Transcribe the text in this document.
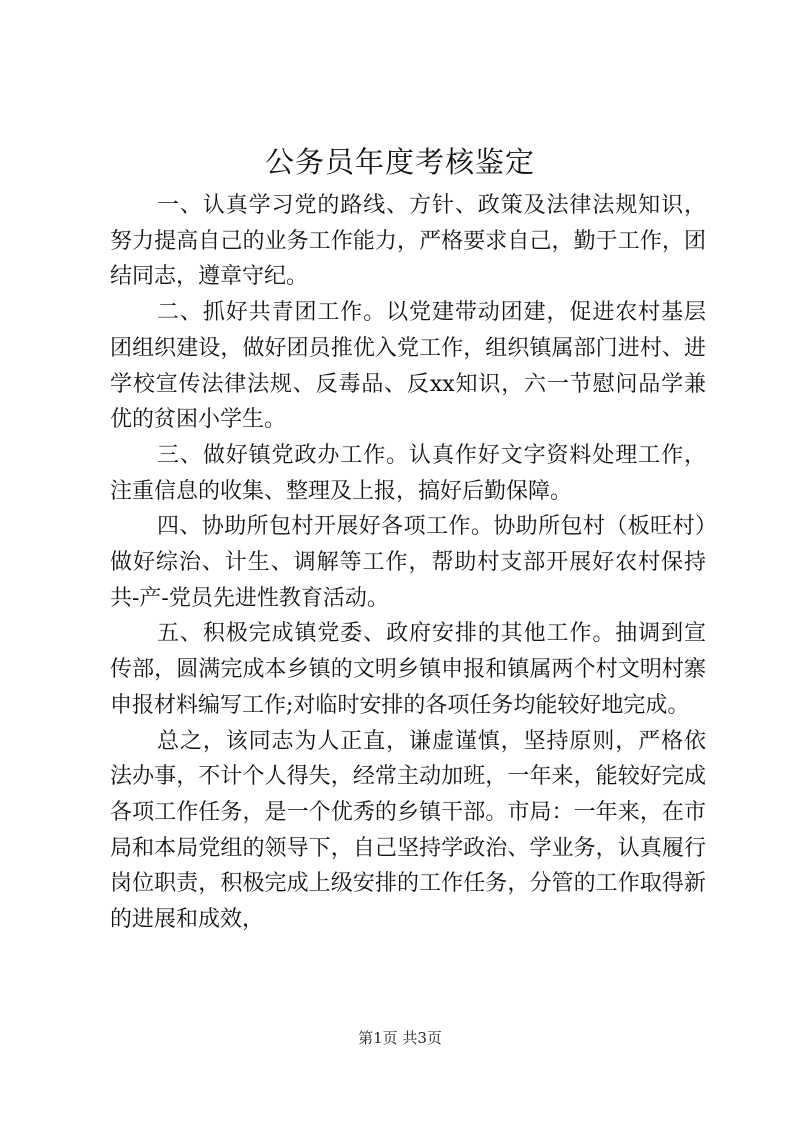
公务员年度考核鉴定

一、认真学习党的路线、方针、政策及法律法规知识，努力提高自己的业务工作能力，严格要求自己，勤于工作，团结同志，遵章守纪。

二、抓好共青团工作。以党建带动团建，促进农村基层团组织建设，做好团员推优入党工作，组织镇属部门进村、进学校宣传法律法规、反毒品、反xx知识，六一节慰问品学兼优的贫困小学生。

三、做好镇党政办工作。认真作好文字资料处理工作，注重信息的收集、整理及上报，搞好后勤保障。

四、协助所包村开展好各项工作。协助所包村（板旺村）做好综治、计生、调解等工作，帮助村支部开展好农村保持共-产-党员先进性教育活动。

五、积极完成镇党委、政府安排的其他工作。抽调到宣传部，圆满完成本乡镇的文明乡镇申报和镇属两个村文明村寨申报材料编写工作;对临时安排的各项任务均能较好地完成。

总之，该同志为人正直，谦虚谨慎，坚持原则，严格依法办事，不计个人得失，经常主动加班，一年来，能较好完成各项工作任务，是一个优秀的乡镇干部。市局：一年来，在市局和本局党组的领导下，自己坚持学政治、学业务，认真履行岗位职责，积极完成上级安排的工作任务，分管的工作取得新的进展和成效，

第1页 共3页
